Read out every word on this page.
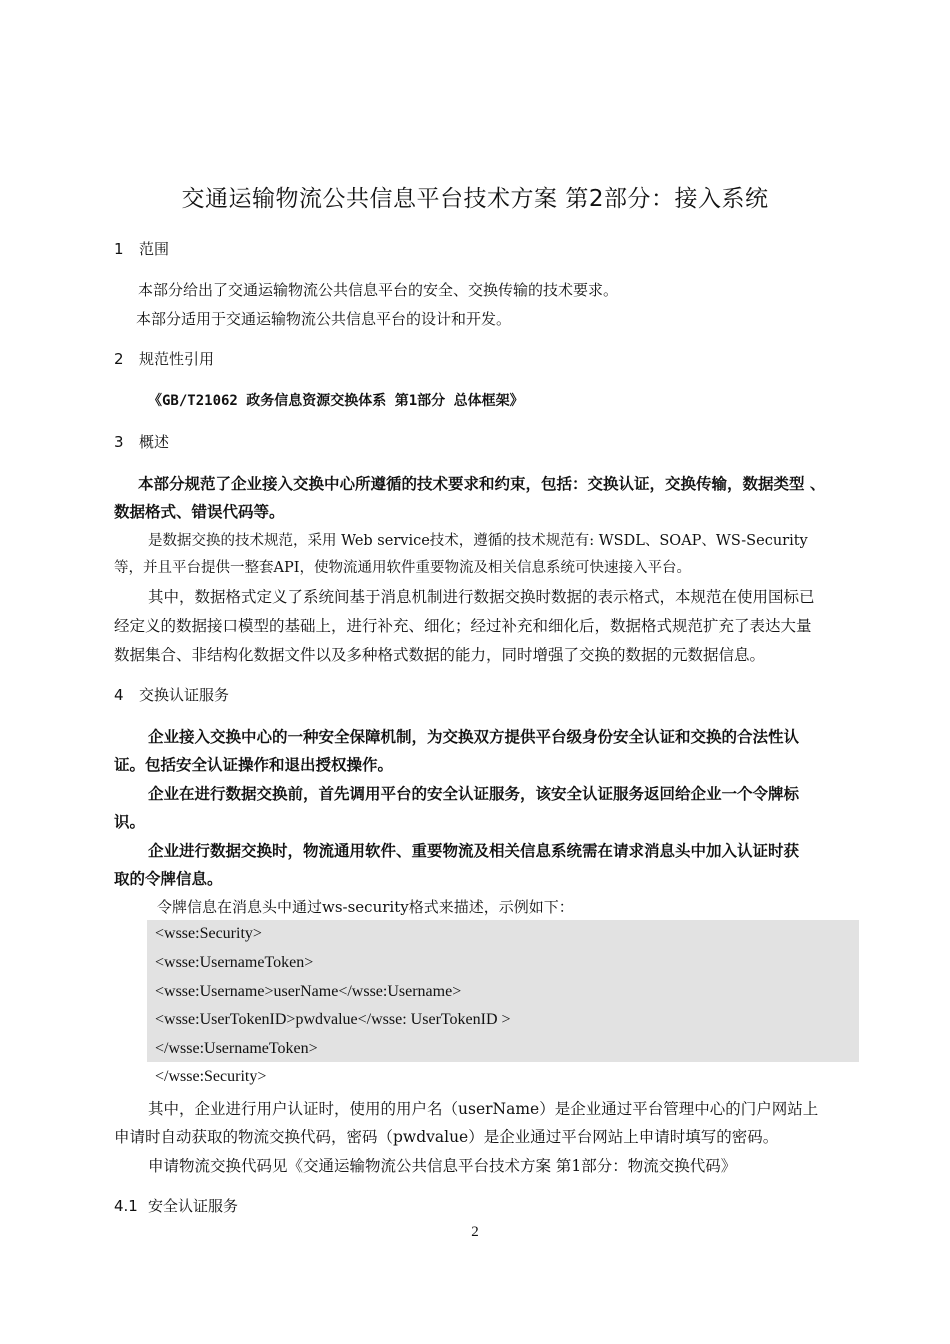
交通运输物流公共信息平台技术方案 第2部分：接入系统
1 范围
本部分给出了交通运输物流公共信息平台的安全、交换传输的技术要求。
本部分适用于交通运输物流公共信息平台的设计和开发。
2 规范性引用
《GB/T21062 政务信息资源交换体系 第1部分 总体框架》
3 概述
本部分规范了企业接入交换中心所遵循的技术要求和约束，包括：交换认证，交换传输，数据类型 、
数据格式、错误代码等。
是数据交换的技术规范，采用 Web service技术，遵循的技术规范有: WSDL、SOAP、WS-Security
等，并且平台提供一整套API，使物流通用软件重要物流及相关信息系统可快速接入平台。
其中，数据格式定义了系统间基于消息机制进行数据交换时数据的表示格式，本规范在使用国标已
经定义的数据接口模型的基础上，进行补充、细化；经过补充和细化后，数据格式规范扩充了表达大量
数据集合、非结构化数据文件以及多种格式数据的能力，同时增强了交换的数据的元数据信息。
4 交换认证服务
企业接入交换中心的一种安全保障机制，为交换双方提供平台级身份安全认证和交换的合法性认
证。包括安全认证操作和退出授权操作。
企业在进行数据交换前，首先调用平台的安全认证服务，该安全认证服务返回给企业一个令牌标
识。
企业进行数据交换时，物流通用软件、重要物流及相关信息系统需在请求消息头中加入认证时获
取的令牌信息。
令牌信息在消息头中通过ws-security格式来描述，示例如下：
<wsse:Security>
<wsse:UsernameToken>
<wsse:Username>userName</wsse:Username>
<wsse:UserTokenID>pwdvalue</wsse: UserTokenID >
</wsse:UsernameToken>
</wsse:Security>
其中，企业进行用户认证时，使用的用户名（userName）是企业通过平台管理中心的门户网站上
申请时自动获取的物流交换代码，密码（pwdvalue）是企业通过平台网站上申请时填写的密码。
申请物流交换代码见《交通运输物流公共信息平台技术方案 第1部分：物流交换代码》
4.1 安全认证服务
2
